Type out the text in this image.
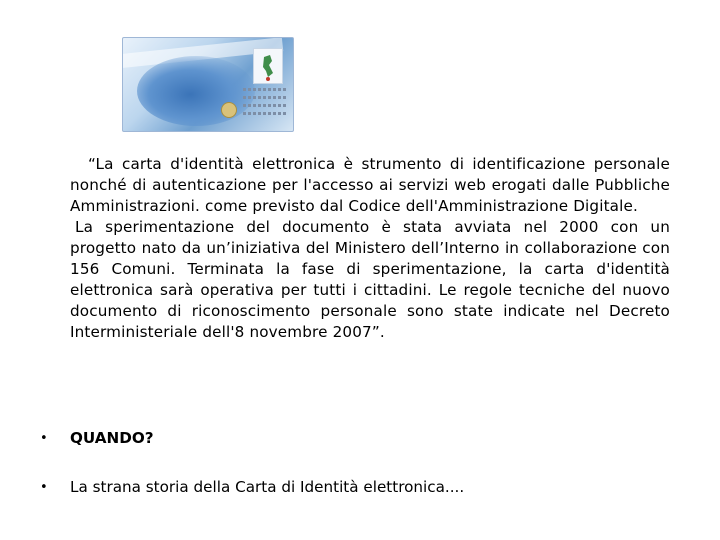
“La carta d'identità elettronica è strumento di identificazione personale nonché di autenticazione per l'accesso ai servizi web erogati dalle Pubbliche Amministrazioni. come previsto dal Codice dell'Amministrazione Digitale.

La sperimentazione del documento è stata avviata nel 2000 con un progetto nato da un’iniziativa del Ministero dell’Interno in collaborazione con 156 Comuni. Terminata la fase di sperimentazione, la carta d'identità elettronica sarà operativa per tutti i cittadini. Le regole tecniche del nuovo documento di riconoscimento personale sono state indicate nel Decreto Interministeriale dell'8 novembre 2007”.

• QUANDO?
• La strana storia della Carta di Identità elettronica....
